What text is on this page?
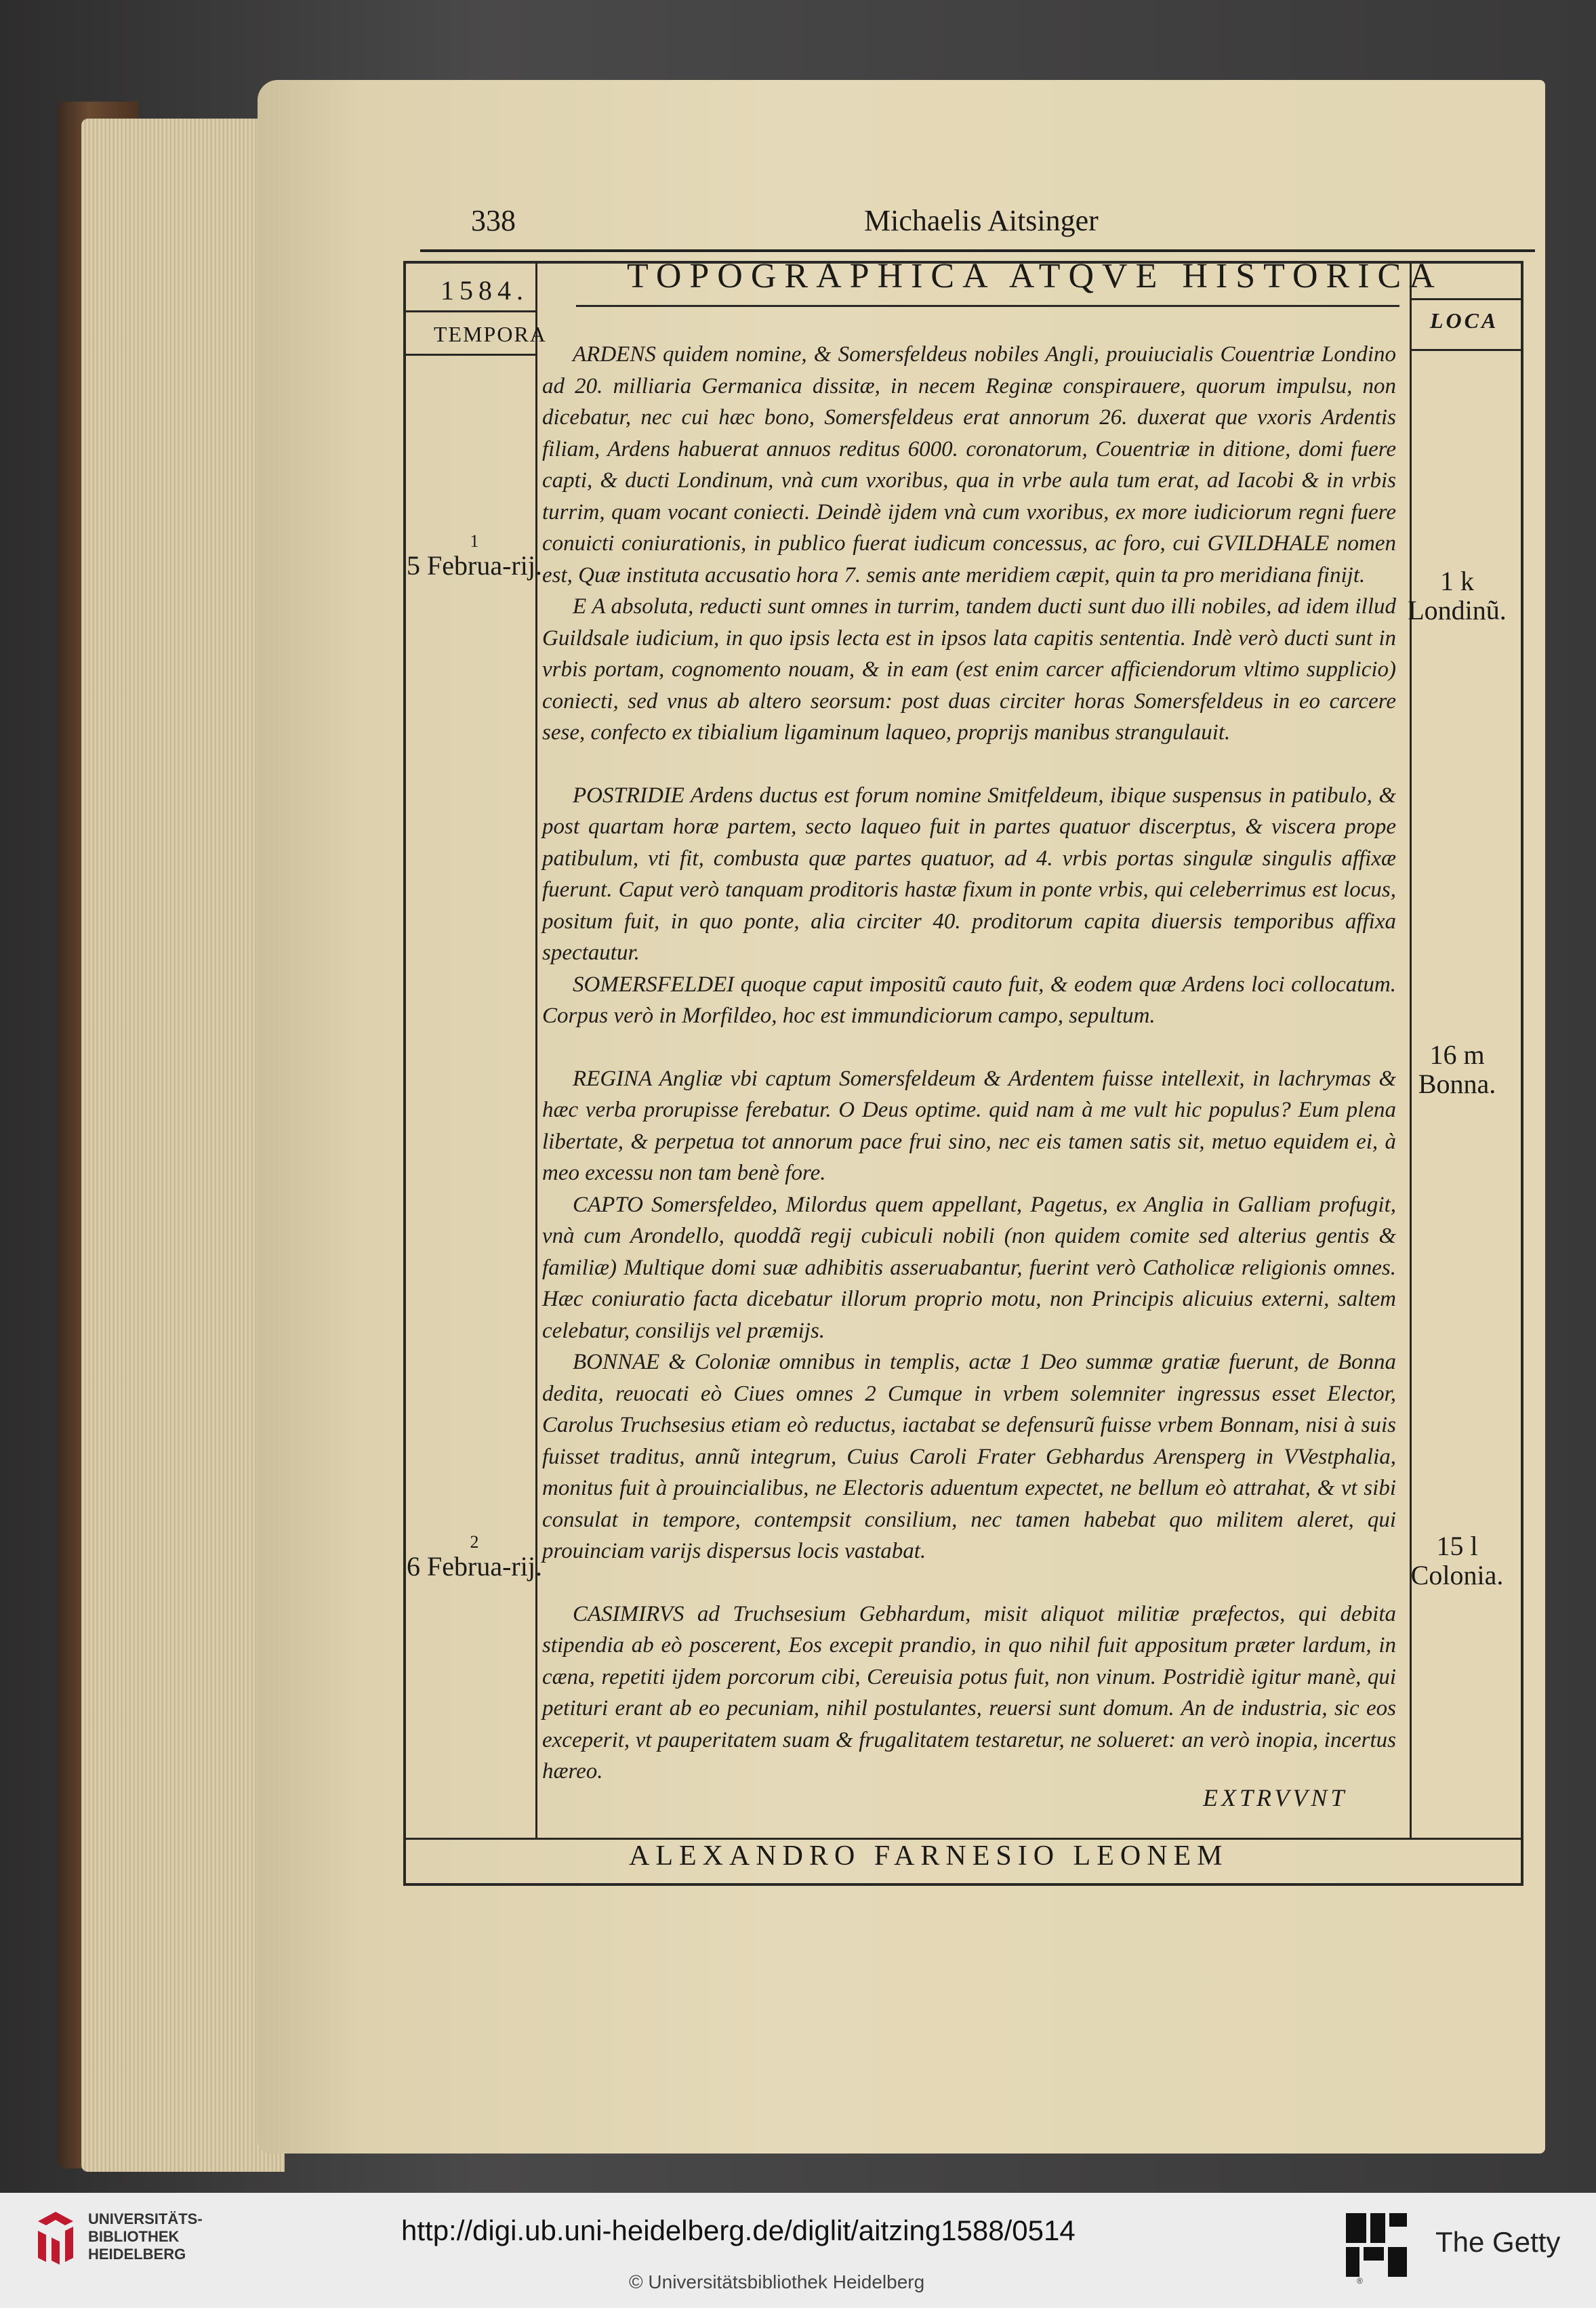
338	Michaelis Aitsinger
1584.
TEMPORA
LOCA
TOPOGRAPHICA ATQVE HISTORICA
1
5 Februa-rij.
2
6 Februa-rij.
1 k Londinũ.
16 m Bonna.
15 l Colonia.

ARDENS quidem nomine, & Somersfeldeus nobiles Angli, prouiucialis Couentriæ Londino ad 20. milliaria Germanica dissitæ, in necem Reginæ conspirauere, quorum impulsu, non dicebatur, nec cui hæc bono, Somersfeldeus erat annorum 26. duxerat que vxoris Ardentis filiam, Ardens habuerat annuos reditus 6000. coronatorum, Couentriæ in ditione, domi fuere capti, & ducti Londinum, vnà cum vxoribus, qua in vrbe aula tum erat, ad Iacobi & in vrbis turrim, quam vocant coniecti. Deindè ijdem vnà cum vxoribus, ex more iudiciorum regni fuere conuicti coniurationis, in publico fuerat iudicum concessus, ac foro, cui GVILDHALE nomen est, Quæ instituta accusatio hora 7. semis ante meridiem cæpit, quin ta pro meridiana finijt.

E A absoluta, reducti sunt omnes in turrim, tandem ducti sunt duo illi nobiles, ad idem illud Guildsale iudicium, in quo ipsis lecta est in ipsos lata capitis sententia. Indè verò ducti sunt in vrbis portam, cognomento nouam, & in eam (est enim carcer afficiendorum vltimo supplicio) coniecti, sed vnus ab altero seorsum: post duas circiter horas Somersfeldeus in eo carcere sese, confecto ex tibialium ligaminum laqueo, proprijs manibus strangulauit.

POSTRIDIE Ardens ductus est forum nomine Smitfeldeum, ibique suspensus in patibulo, & post quartam horæ partem, secto laqueo fuit in partes quatuor discerptus, & viscera prope patibulum, vti fit, combusta quæ partes quatuor, ad 4. vrbis portas singulæ singulis affixæ fuerunt. Caput verò tanquam proditoris hastæ fixum in ponte vrbis, qui celeberrimus est locus, positum fuit, in quo ponte, alia circiter 40. proditorum capita diuersis temporibus affixa spectautur.

SOMERSFELDEI quoque caput impositũ cauto fuit, & eodem quæ Ardens loci collocatum. Corpus verò in Morfildeo, hoc est immundiciorum campo, sepultum.

REGINA Angliæ vbi captum Somersfeldeum & Ardentem fuisse intellexit, in lachrymas & hæc verba prorupisse ferebatur. O Deus optime. quid nam à me vult hic populus? Eum plena libertate, & perpetua tot annorum pace frui sino, nec eis tamen satis sit, metuo equidem ei, à meo excessu non tam benè fore.

CAPTO Somersfeldeo, Milordus quem appellant, Pagetus, ex Anglia in Galliam profugit, vnà cum Arondello, quoddã regij cubiculi nobili (non quidem comite sed alterius gentis & familiæ) Multique domi suæ adhibitis asseruabantur, fuerint verò Catholicæ religionis omnes. Hæc coniuratio facta dicebatur illorum proprio motu, non Principis alicuius externi, saltem celebatur, consilijs vel præmijs.

BONNAE & Coloniæ omnibus in templis, actæ 1 Deo summæ gratiæ fuerunt, de Bonna dedita, reuocati eò Ciues omnes 2 Cumque in vrbem solemniter ingressus esset Elector, Carolus Truchsesius etiam eò reductus, iactabat se defensurũ fuisse vrbem Bonnam, nisi à suis fuisset traditus, annũ integrum, Cuius Caroli Frater Gebhardus Arensperg in VVestphalia, monitus fuit à prouincialibus, ne Electoris aduentum expectet, ne bellum eò attrahat, & vt sibi consulat in tempore, contempsit consilium, nec tamen habebat quo militem aleret, qui prouinciam varijs dispersus locis vastabat.

CASIMIRVS ad Truchsesium Gebhardum, misit aliquot militiæ præfectos, qui debita stipendia ab eò poscerent, Eos excepit prandio, in quo nihil fuit appositum præter lardum, in cæna, repetiti ijdem porcorum cibi, Cereuisia potus fuit, non vinum. Postridiè igitur manè, qui petituri erant ab eo pecuniam, nihil postulantes, reuersi sunt domum. An de industria, sic eos exceperit, vt pauperitatem suam & frugalitatem testaretur, ne solueret: an verò inopia, incertus hæreo.

EXTRVVNT
ALEXANDRO FARNESIO LEONEM
UNIVERSITÄTS-
BIBLIOTHEK
HEIDELBERG
http://digi.ub.uni-heidelberg.de/diglit/aitzing1588/0514
© Universitätsbibliothek Heidelberg	®
The Getty
